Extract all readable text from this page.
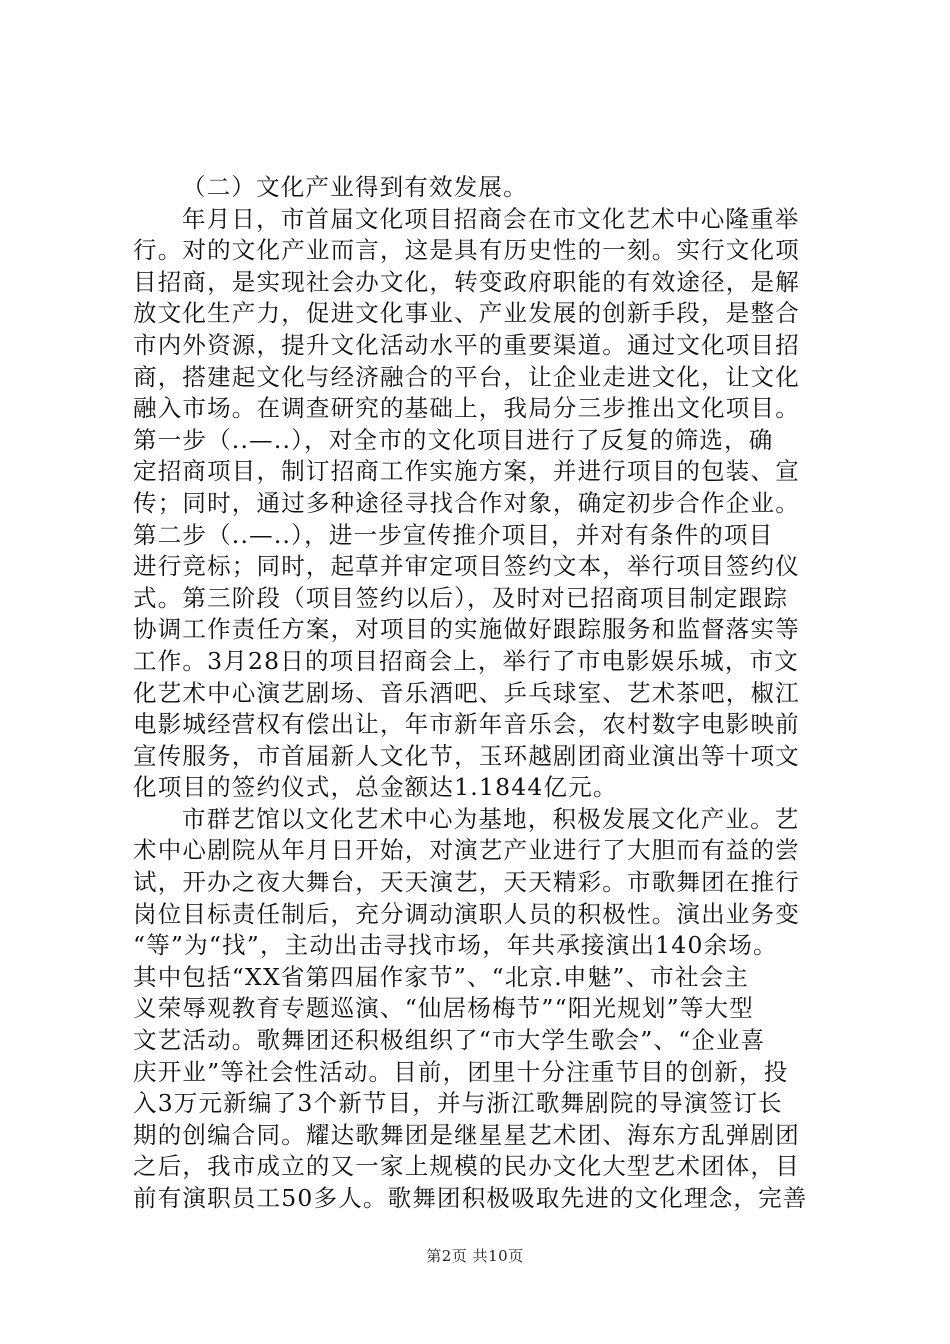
（二）文化产业得到有效发展。
年月日，市首届文化项目招商会在市文化艺术中心隆重举
行。对的文化产业而言，这是具有历史性的一刻。实行文化项
目招商，是实现社会办文化，转变政府职能的有效途径，是解
放文化生产力，促进文化事业、产业发展的创新手段，是整合
市内外资源，提升文化活动水平的重要渠道。通过文化项目招
商，搭建起文化与经济融合的平台，让企业走进文化，让文化
融入市场。在调查研究的基础上，我局分三步推出文化项目。
第一步（..—..），对全市的文化项目进行了反复的筛选，确
定招商项目，制订招商工作实施方案，并进行项目的包装、宣
传；同时，通过多种途径寻找合作对象，确定初步合作企业。
第二步（..—..），进一步宣传推介项目，并对有条件的项目
进行竞标；同时，起草并审定项目签约文本，举行项目签约仪
式。第三阶段（项目签约以后），及时对已招商项目制定跟踪
协调工作责任方案，对项目的实施做好跟踪服务和监督落实等
工作。3月28日的项目招商会上，举行了市电影娱乐城，市文
化艺术中心演艺剧场、音乐酒吧、乒乓球室、艺术茶吧，椒江
电影城经营权有偿出让，年市新年音乐会，农村数字电影映前
宣传服务，市首届新人文化节，玉环越剧团商业演出等十项文
化项目的签约仪式，总金额达1.1844亿元。
市群艺馆以文化艺术中心为基地，积极发展文化产业。艺
术中心剧院从年月日开始，对演艺产业进行了大胆而有益的尝
试，开办之夜大舞台，天天演艺，天天精彩。市歌舞团在推行
岗位目标责任制后，充分调动演职人员的积极性。演出业务变
“等”为“找”，主动出击寻找市场，年共承接演出140余场。
其中包括“XX省第四届作家节”、“北京.申魅”、市社会主
义荣辱观教育专题巡演、“仙居杨梅节”“阳光规划”等大型
文艺活动。歌舞团还积极组织了“市大学生歌会”、“企业喜
庆开业”等社会性活动。目前，团里十分注重节目的创新，投
入3万元新编了3个新节目，并与浙江歌舞剧院的导演签订长
期的创编合同。耀达歌舞团是继星星艺术团、海东方乱弹剧团
之后，我市成立的又一家上规模的民办文化大型艺术团体，目
前有演职员工50多人。歌舞团积极吸取先进的文化理念，完善
第2页 共10页
